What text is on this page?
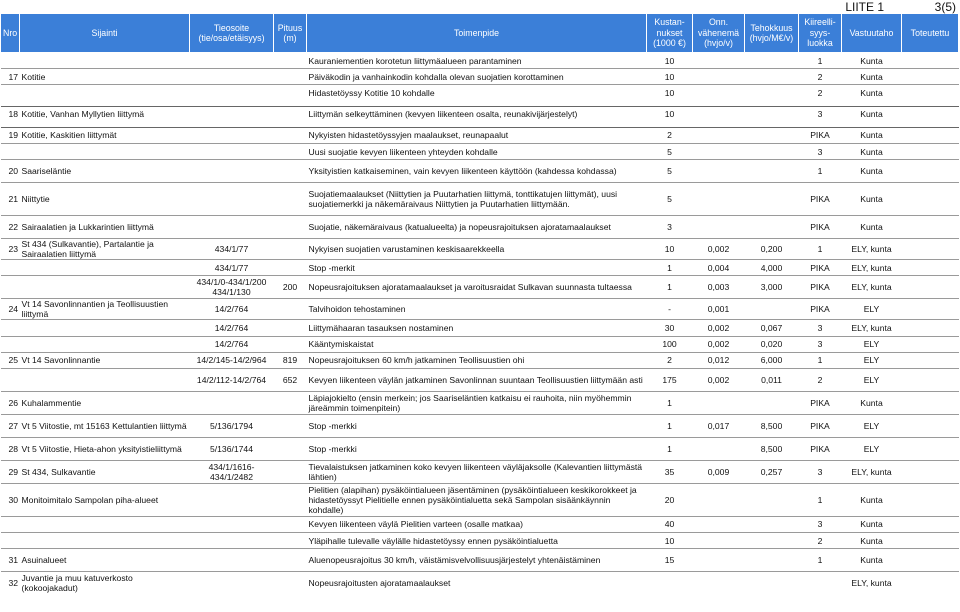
LIITE 1	3(5)
Nro	Sijainti	Tieosoite (tie/osa/etäisyys)	Pituus (m)	Toimenpide	Kustan-nukset (1000 €)	Onn. vähenemä (hvjo/v)	Tehokkuus (hvjo/M€/v)	Kiireelli-syys-luokka	Vastuutaho	Toteutettu
				Kauraniementien korotetun liittymäalueen parantaminen	10			1	Kunta	
17	Kotitie			Päiväkodin ja vanhainkodin kohdalla olevan suojatien korottaminen	10			2	Kunta	
				Hidastetöyssy Kotitie 10 kohdalle	10			2	Kunta	

18	Kotitie, Vanhan Myllytien liittymä			Liittymän selkeyttäminen (kevyen liikenteen osalta, reunakivijärjestelyt)	10			3	Kunta	

19	Kotitie, Kaskitien liittymät			Nykyisten hidastetöyssyjen maalaukset, reunapaalut	2			PIKA	Kunta	
				Uusi suojatie kevyen liikenteen yhteyden kohdalle	5			3	Kunta	
20	Saariseläntie			Yksityistien katkaiseminen, vain kevyen liikenteen käyttöön (kahdessa kohdassa)	5			1	Kunta	
21	Niittytie			Suojatiemaalaukset (Niittytien ja Puutarhatien liittymä, tonttikatujen liittymät), uusi suojatiemerkki ja näkemäraivaus Niittytien ja Puutarhatien liittymään.	5			PIKA	Kunta	
22	Sairaalatien ja Lukkarintien liittymä			Suojatie, näkemäraivaus (katualueelta) ja nopeusrajoituksen ajoratamaalaukset	3			PIKA	Kunta	
23	St 434 (Sulkavantie), Partalantie ja Sairaalatien liittymä	434/1/77		Nykyisen suojatien varustaminen keskisaarekkeella	10	0,002	0,200	1	ELY, kunta	
		434/1/77		Stop -merkit	1	0,004	4,000	PIKA	ELY, kunta	
		434/1/0-434/1/200 434/1/130	200	Nopeusrajoituksen ajoratamaalaukset ja varoitusraidat Sulkavan suunnasta tultaessa	1	0,003	3,000	PIKA	ELY, kunta	
24	Vt 14 Savonlinnantien ja Teollisuustien liittymä	14/2/764		Talvihoidon tehostaminen	-	0,001		PIKA	ELY	
		14/2/764		Liittymähaaran tasauksen nostaminen	30	0,002	0,067	3	ELY, kunta	
		14/2/764		Kääntymiskaistat	100	0,002	0,020	3	ELY	
25	Vt 14 Savonlinnantie	14/2/145-14/2/964	819	Nopeusrajoituksen 60 km/h jatkaminen Teollisuustien ohi	2	0,012	6,000	1	ELY	
		14/2/112-14/2/764	652	Kevyen liikenteen väylän jatkaminen Savonlinnan suuntaan Teollisuustien liittymään asti	175	0,002	0,011	2	ELY	
26	Kuhalammentie			Läpiajokielto (ensin merkein; jos Saariseläntien katkaisu ei rauhoita, niin myöhemmin järeämmin toimenpitein)	1			PIKA	Kunta	
27	Vt 5 Viitostie, mt 15163 Kettulantien liittymä	5/136/1794		Stop -merkki	1	0,017	8,500	PIKA	ELY	
28	Vt 5 Viitostie, Hieta-ahon yksityistieliittymä	5/136/1744		Stop -merkki	1		8,500	PIKA	ELY	
29	St 434, Sulkavantie	434/1/1616- 434/1/2482		Tievalaistuksen jatkaminen koko kevyen liikenteen väyläjaksolle (Kalevantien liittymästä lähtien)	35	0,009	0,257	3	ELY, kunta	
30	Monitoimitalo Sampolan piha-alueet			Pielitien (alapihan) pysäköintialueen jäsentäminen (pysäköintialueen keskikorokkeet ja hidastetöyssyt Pielitielle ennen pysäköintialuetta sekä Sampolan sisäänkäynnin kohdalle)	20			1	Kunta	
				Kevyen liikenteen väylä Pielitien varteen (osalle matkaa)	40			3	Kunta	
				Yläpihalle tulevalle väylälle hidastetöyssy ennen pysäköintialuetta	10			2	Kunta	
31	Asuinalueet			Aluenopeusrajoitus 30 km/h, väistämisvelvollisuusjärjestelyt yhtenäistäminen	15			1	Kunta	
32	Juvantie ja muu katuverkosto (kokoojakadut)			Nopeusrajoitusten ajoratamaalaukset					ELY, kunta	
